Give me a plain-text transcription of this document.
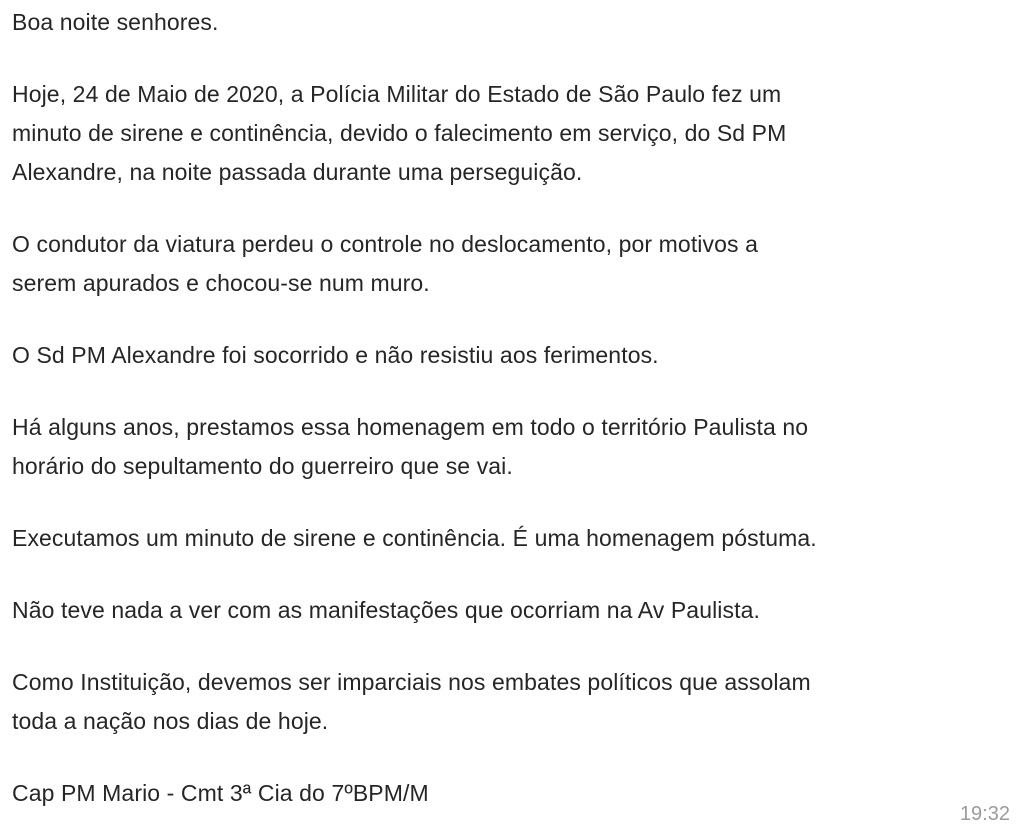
Boa noite senhores.
Hoje, 24 de Maio de 2020, a Polícia Militar do Estado de São Paulo fez um
minuto de sirene e continência, devido o falecimento em serviço, do Sd PM
Alexandre, na noite passada durante uma perseguição.
O condutor da viatura perdeu o controle no deslocamento, por motivos a
serem apurados e chocou-se num muro.
O Sd PM Alexandre foi socorrido e não resistiu aos ferimentos.
Há alguns anos, prestamos essa homenagem em todo o território Paulista no
horário do sepultamento do guerreiro que se vai.
Executamos um minuto de sirene e continência. É uma homenagem póstuma.
Não teve nada a ver com as manifestações que ocorriam na Av Paulista.
Como Instituição, devemos ser imparciais nos embates políticos que assolam
toda a nação nos dias de hoje.
Cap PM Mario - Cmt 3ª Cia do 7ºBPM/M
19:32
